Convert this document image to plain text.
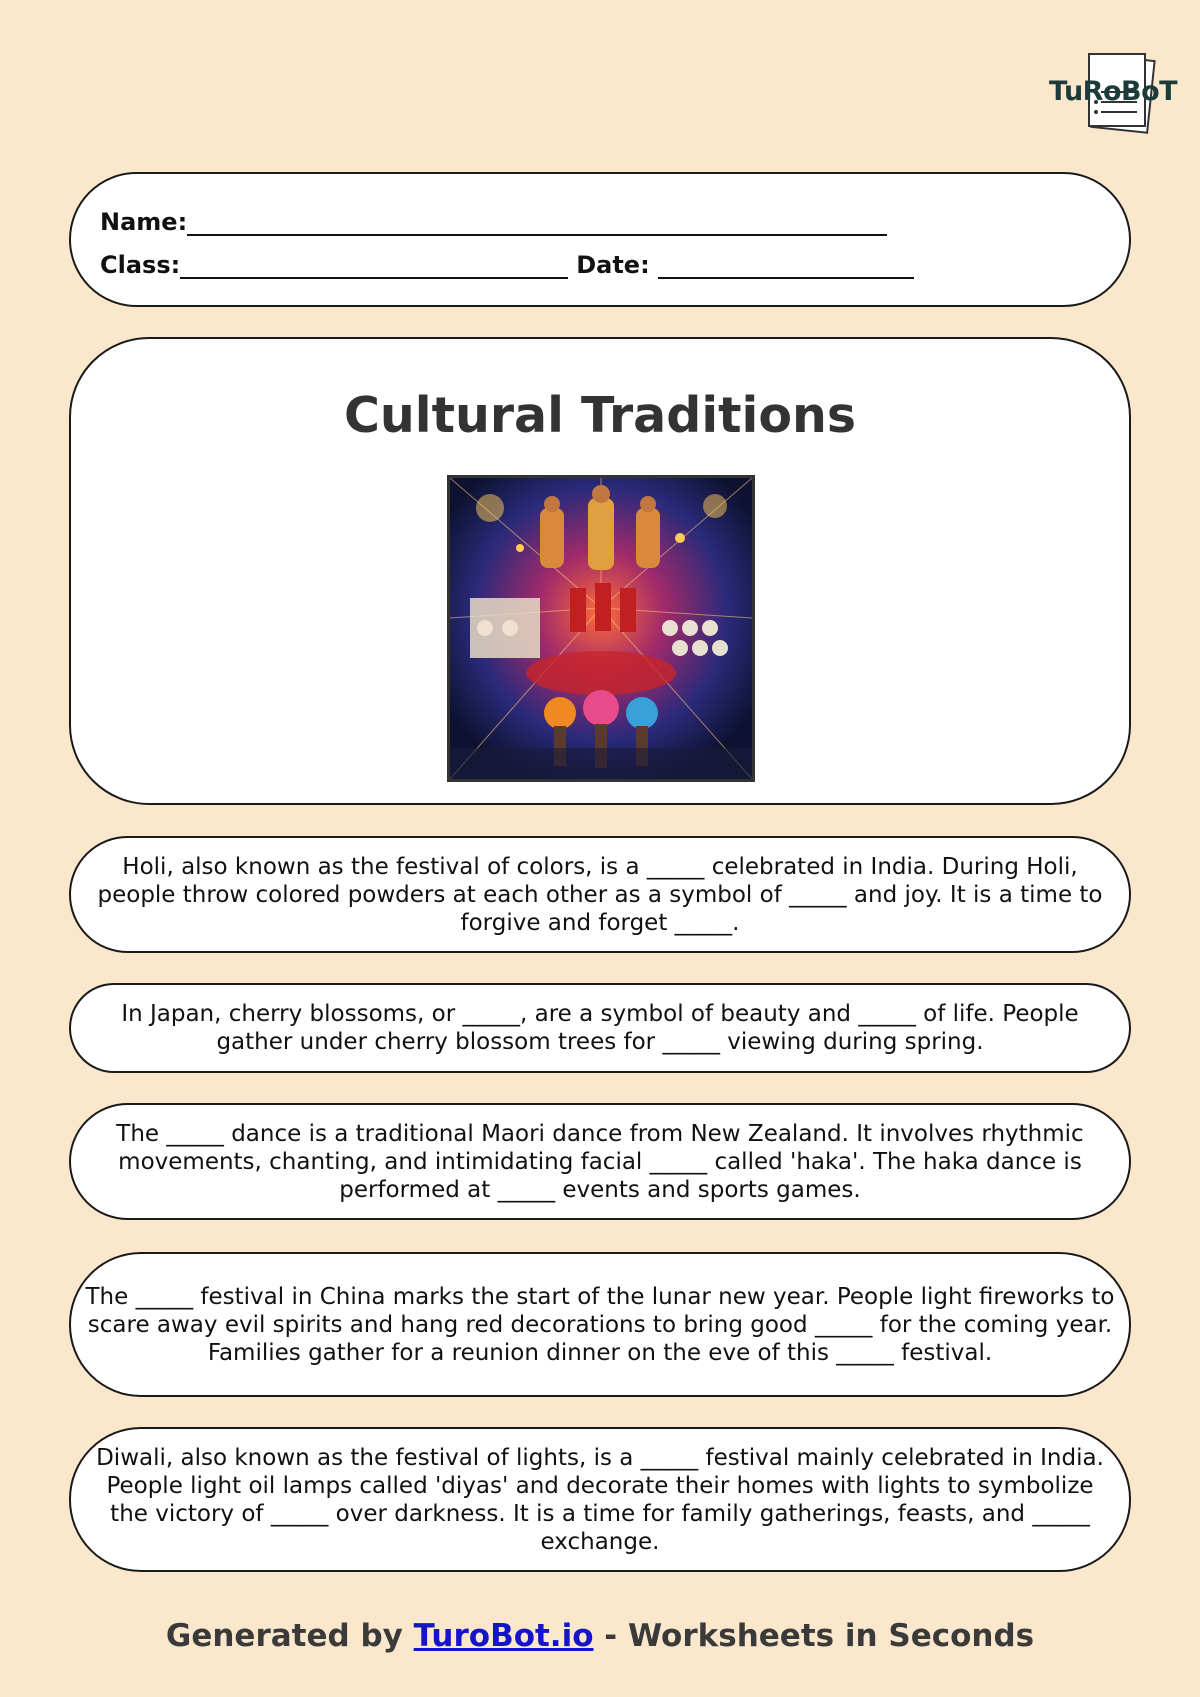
TuRoBoT
Name:
Class:	Date:
Cultural Traditions
Holi, also known as the festival of colors, is a _____ celebrated in India. During Holi, people throw colored powders at each other as a symbol of _____ and joy. It is a time to forgive and forget _____.
In Japan, cherry blossoms, or _____, are a symbol of beauty and _____ of life. People gather under cherry blossom trees for _____ viewing during spring.
The _____ dance is a traditional Maori dance from New Zealand. It involves rhythmic movements, chanting, and intimidating facial _____ called 'haka'. The haka dance is performed at _____ events and sports games.
The _____ festival in China marks the start of the lunar new year. People light fireworks to scare away evil spirits and hang red decorations to bring good _____ for the coming year. Families gather for a reunion dinner on the eve of this _____ festival.
Diwali, also known as the festival of lights, is a _____ festival mainly celebrated in India. People light oil lamps called 'diyas' and decorate their homes with lights to symbolize the victory of _____ over darkness. It is a time for family gatherings, feasts, and _____ exchange.
Generated by TuroBot.io - Worksheets in Seconds
